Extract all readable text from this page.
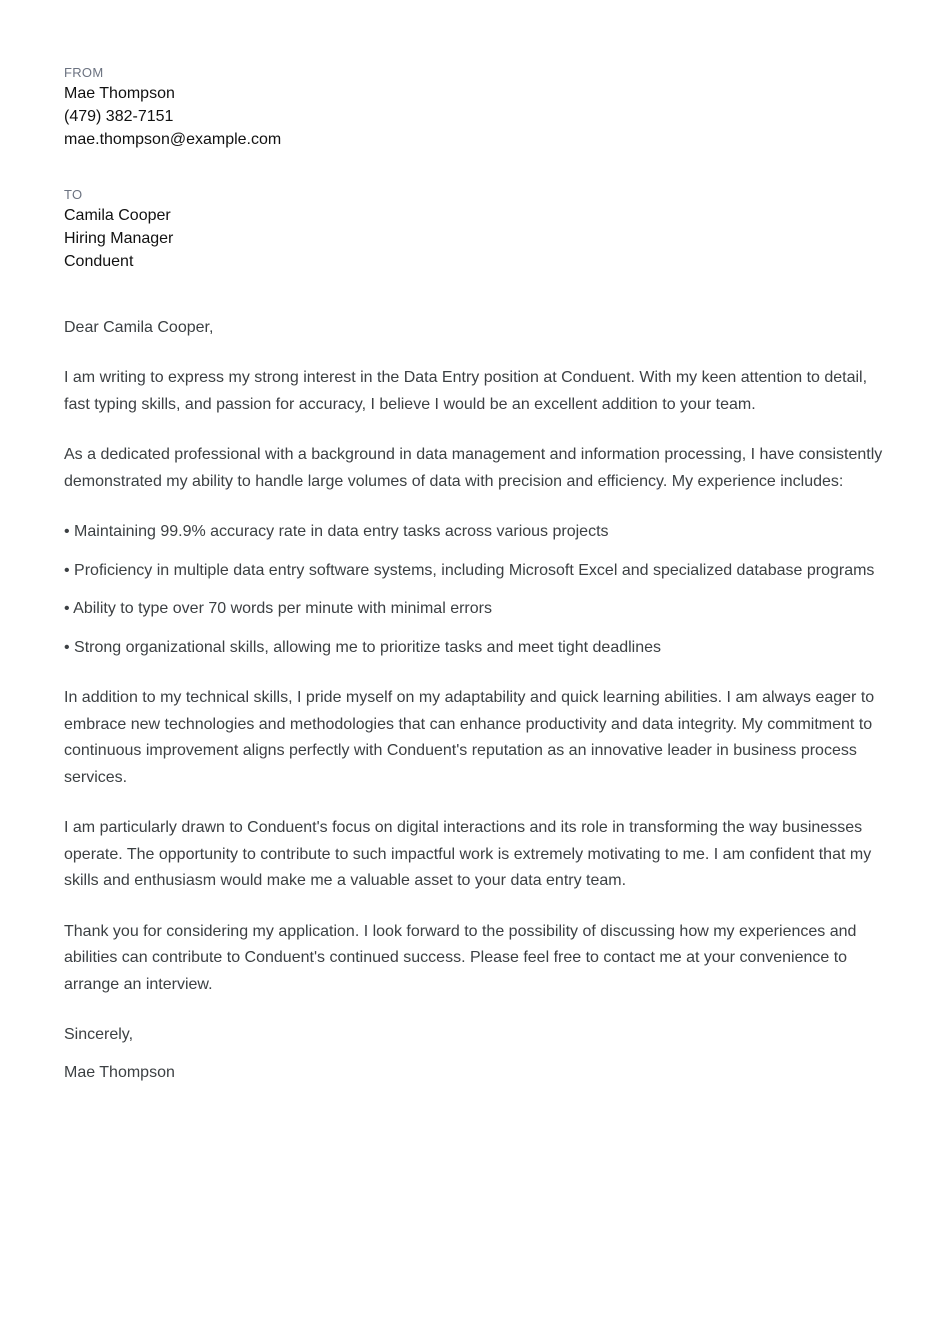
FROM
Mae Thompson
(479) 382-7151
mae.thompson@example.com
TO
Camila Cooper
Hiring Manager
Conduent
Dear Camila Cooper,
I am writing to express my strong interest in the Data Entry position at Conduent. With my keen attention to detail, fast typing skills, and passion for accuracy, I believe I would be an excellent addition to your team.
As a dedicated professional with a background in data management and information processing, I have consistently demonstrated my ability to handle large volumes of data with precision and efficiency. My experience includes:
• Maintaining 99.9% accuracy rate in data entry tasks across various projects
• Proficiency in multiple data entry software systems, including Microsoft Excel and specialized database programs
• Ability to type over 70 words per minute with minimal errors
• Strong organizational skills, allowing me to prioritize tasks and meet tight deadlines
In addition to my technical skills, I pride myself on my adaptability and quick learning abilities. I am always eager to embrace new technologies and methodologies that can enhance productivity and data integrity. My commitment to continuous improvement aligns perfectly with Conduent's reputation as an innovative leader in business process services.
I am particularly drawn to Conduent's focus on digital interactions and its role in transforming the way businesses operate. The opportunity to contribute to such impactful work is extremely motivating to me. I am confident that my skills and enthusiasm would make me a valuable asset to your data entry team.
Thank you for considering my application. I look forward to the possibility of discussing how my experiences and abilities can contribute to Conduent's continued success. Please feel free to contact me at your convenience to arrange an interview.
Sincerely,
Mae Thompson
